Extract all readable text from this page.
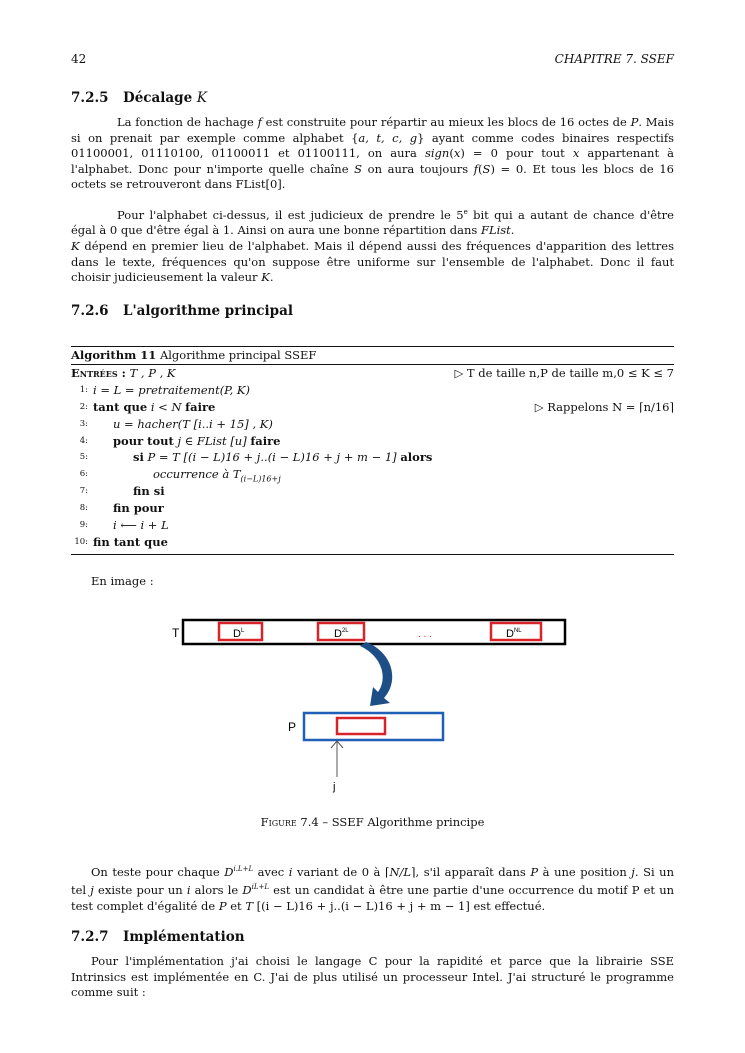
42	CHAPITRE 7. SSEF
7.2.5 Décalage K

La fonction de hachage f est construite pour répartir au mieux les blocs de 16 octes de P. Mais si on prenait par exemple comme alphabet {a, t, c, g} ayant comme codes binaires respectifs 01100001, 01110100, 01100011 et 01100111, on aura sign(x) = 0 pour tout x appartenant à l'alphabet. Donc pour n'importe quelle chaîne S on aura toujours f(S) = 0. Et tous les blocs de 16 octets se retrouveront dans FList[0].

Pour l'alphabet ci-dessus, il est judicieux de prendre le 5e bit qui a autant de chance d'être égal à 0 que d'être égal à 1. Ainsi on aura une bonne répartition dans FList.
K dépend en premier lieu de l'alphabet. Mais il dépend aussi des fréquences d'apparition des lettres dans le texte, fréquences qu'on suppose être uniforme sur l'ensemble de l'alphabet. Donc il faut choisir judicieusement la valeur K.

7.2.6 L'algorithme principal
Algorithm 11 Algorithme principal SSEF
Entrées : T , P , K	▷ T de taille n,P de taille m,0 ≤ K ≤ 7
1: i = L = pretraitement(P, K)
2: tant que i < N faire	▷ Rappelons N = ⌈n/16⌉
3: u = hacher(T [i..i + 15] , K)
4: pour tout j ∈ FList [u] faire
5:	si P = T [(i − L)16 + j..(i − L)16 + j + m − 1] alors
6:	occurrence à $T_{(i-L)16+j}$
7:	fin si
8: fin pour
9: i ⟵ i + L
10: fin tant que

En image :

T	$D^L$	$D^{2L}$	. . .	$D^{NL}$
P
j
Figure 7.4 – SSEF Algorithme principe

On teste pour chaque $D^{i.L+L}$ avec i variant de 0 à ⌈N/L⌉, s'il apparaît dans P à une position j. Si un tel j existe pour un i alors le $D^{iL+L}$ est un candidat à être une partie d'une occurrence du motif P et un test complet d'égalité de P et T [(i − L)16 + j..(i − L)16 + j + m − 1] est effectué.

7.2.7 Implémentation

Pour l'implémentation j'ai choisi le langage C pour la rapidité et parce que la librairie SSE Intrinsics est implémentée en C. J'ai de plus utilisé un processeur Intel. J'ai structuré le programme comme suit :
